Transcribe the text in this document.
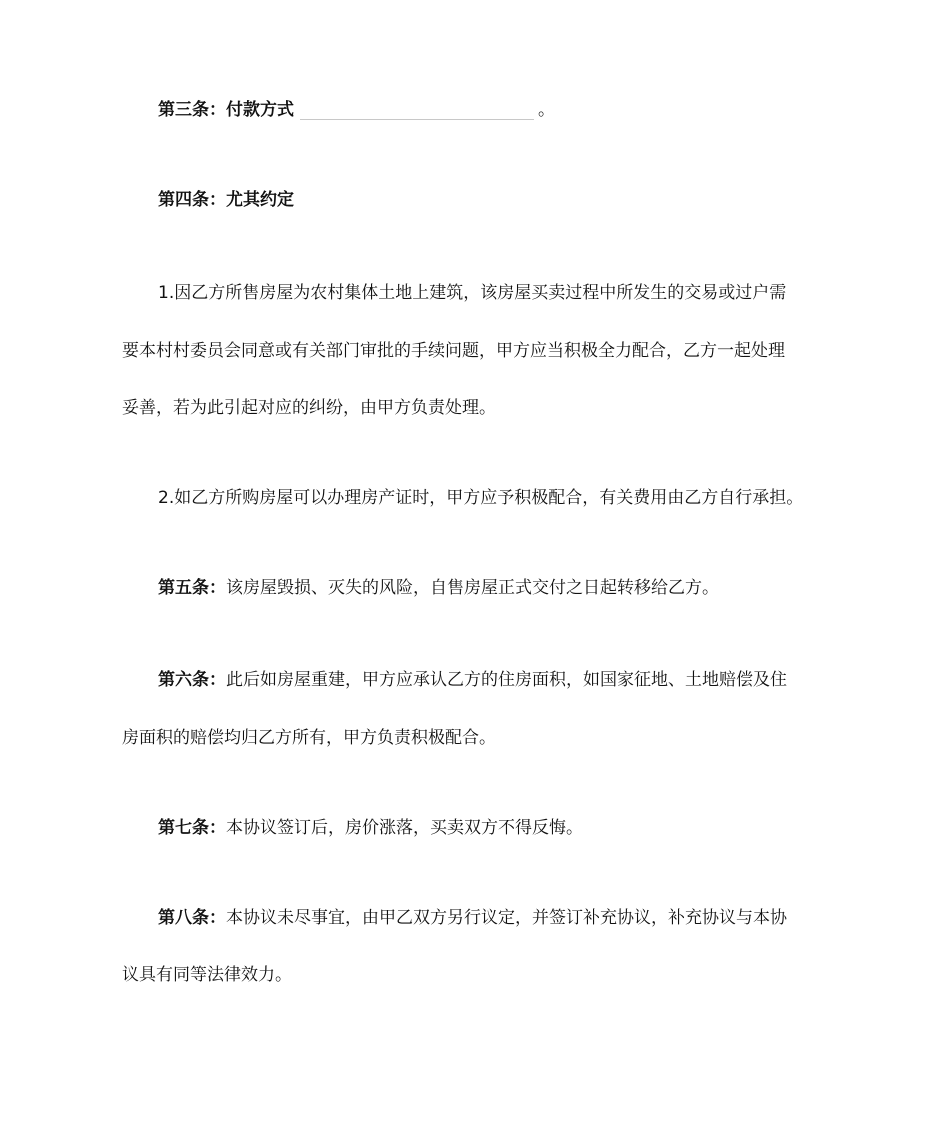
第三条：付款方式	。
第四条：尤其约定
1.因乙方所售房屋为农村集体土地上建筑，该房屋买卖过程中所发生的交易或过户需
要本村村委员会同意或有关部门审批的手续问题，甲方应当积极全力配合，乙方一起处理
妥善，若为此引起对应的纠纷，由甲方负责处理。
2.如乙方所购房屋可以办理房产证时，甲方应予积极配合，有关费用由乙方自行承担。
第五条：该房屋毁损、灭失的风险，自售房屋正式交付之日起转移给乙方。
第六条：此后如房屋重建，甲方应承认乙方的住房面积，如国家征地、土地赔偿及住
房面积的赔偿均归乙方所有，甲方负责积极配合。
第七条：本协议签订后，房价涨落，买卖双方不得反悔。
第八条：本协议未尽事宜，由甲乙双方另行议定，并签订补充协议，补充协议与本协
议具有同等法律效力。
